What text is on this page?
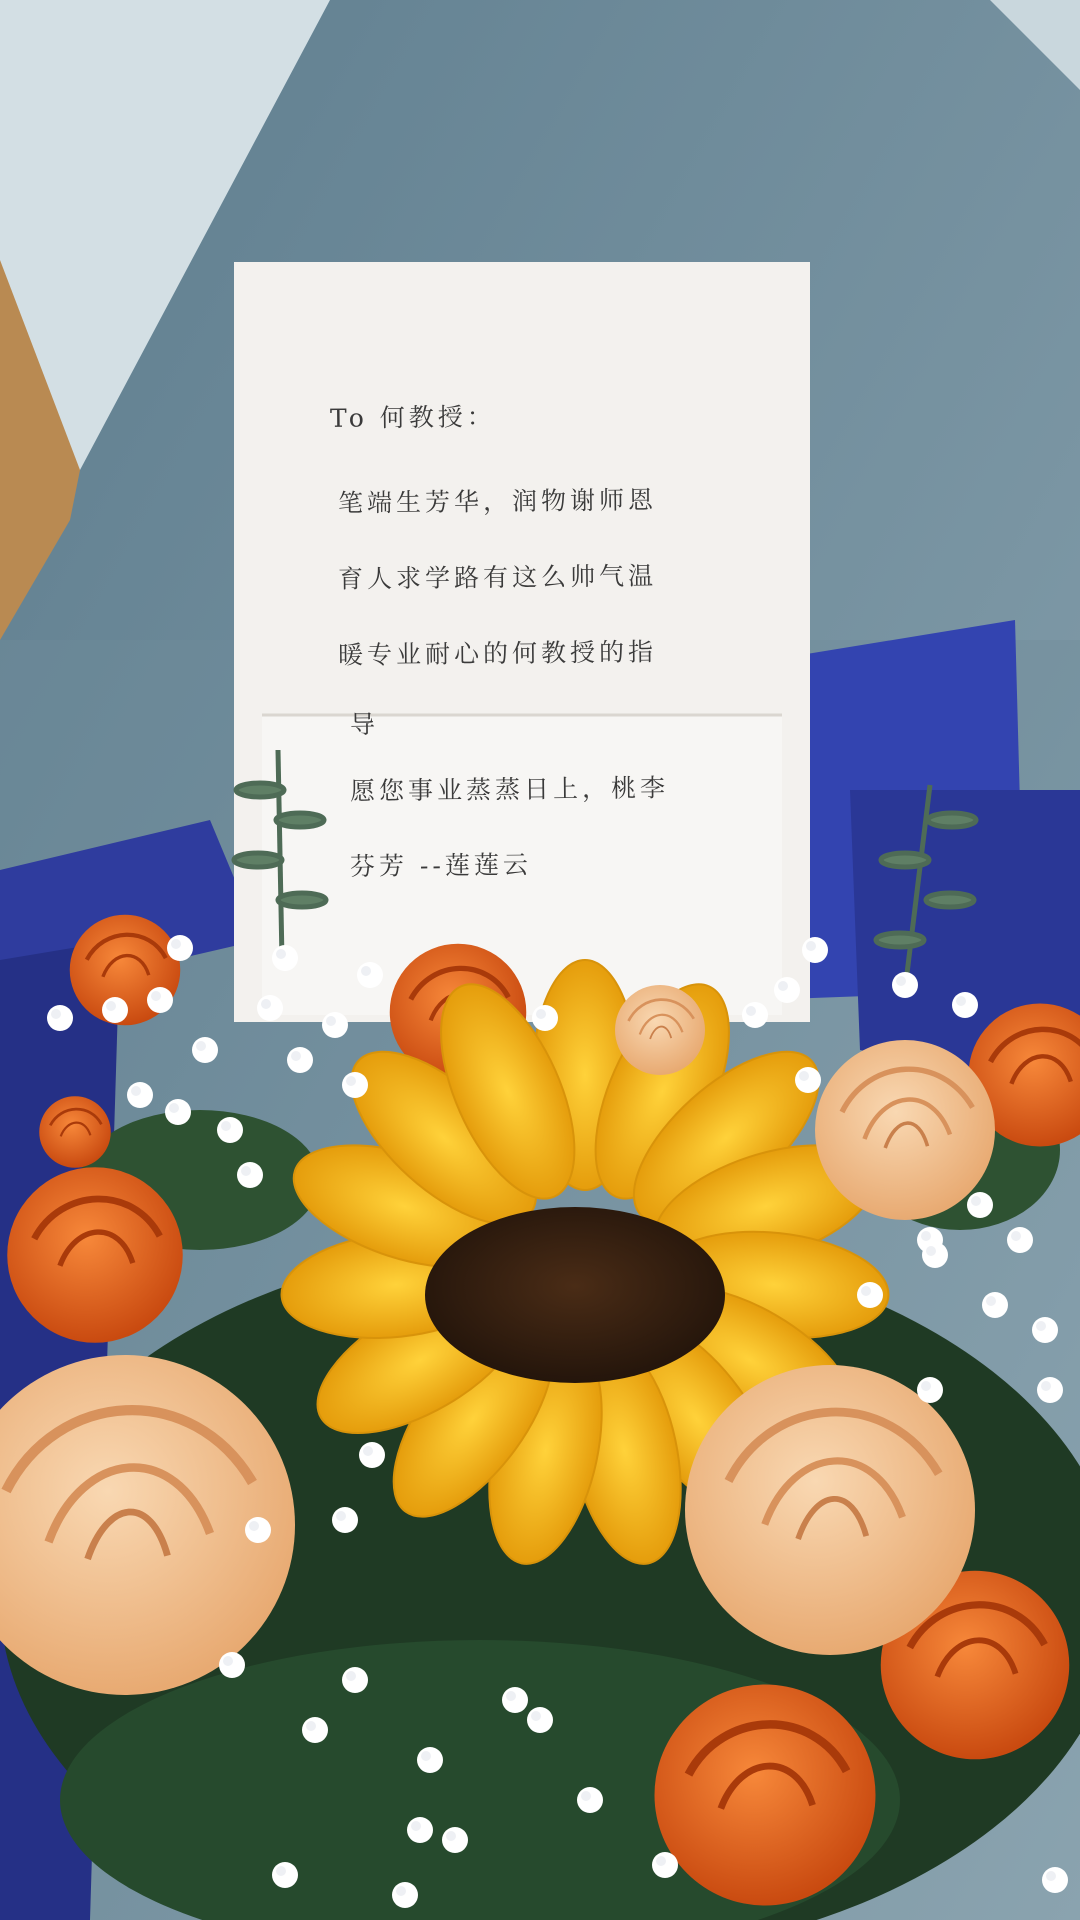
To 何教授：
笔端生芳华，润物谢师恩
育人求学路有这么帅气温
暖专业耐心的何教授的指
导
愿您事业蒸蒸日上，桃李
芬芳 --莲莲云
